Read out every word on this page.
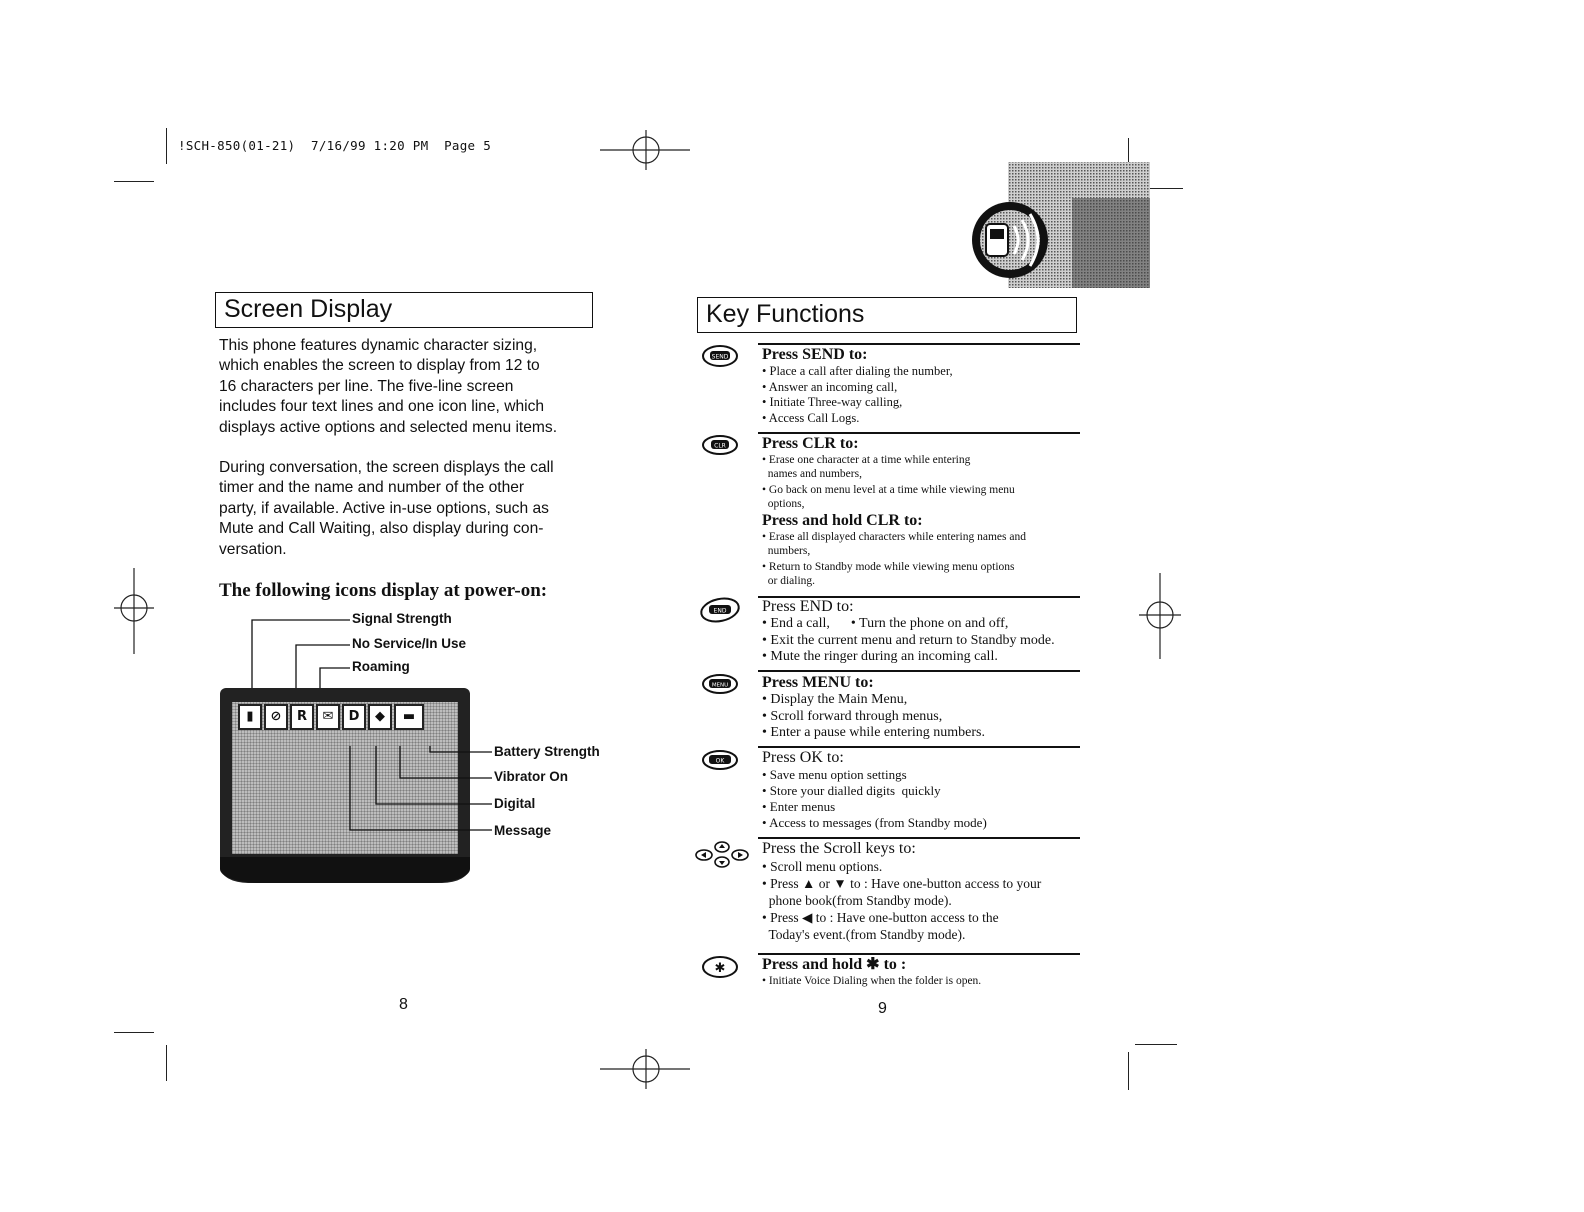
!SCH-850(01-21)  7/16/99 1:20 PM  Page 5
Screen Display
This phone features dynamic character sizing,
which enables the screen to display from 12 to
16 characters per line. The five-line screen
includes four text lines and one icon line, which
displays active options and selected menu items.
During conversation, the screen displays the call
timer and the name and number of the other
party, if available. Active in-use options, such as
Mute and Call Waiting, also display during con-
versation.
The following icons display at power-on:
Signal Strength
No Service/In Use
Roaming
▮	⊘	R	✉	D	◆	▬
Battery Strength
Vibrator On
Digital
Message
8
Key Functions
SEND Press SEND to:
• Place a call after dialing the number,
• Answer an incoming call,
• Initiate Three-way calling,
• Access Call Logs.
CLR Press CLR to:
• Erase one character at a time while entering
names and numbers,
• Go back on menu level at a time while viewing menu
options,
Press and hold CLR to:
• Erase all displayed characters while entering names and
numbers,
• Return to Standby mode while viewing menu options
or dialing.
END Press END to:
• End a call,      • Turn the phone on and off,
• Exit the current menu and return to Standby mode.
• Mute the ringer during an incoming call.
MENU Press MENU to:
• Display the Main Menu,
• Scroll forward through menus,
• Enter a pause while entering numbers.
OK Press OK to:
• Save menu option settings
• Store your dialled digits  quickly
• Enter menus
• Access to messages (from Standby mode)
Press the Scroll keys to:
• Scroll menu options.
• Press ▲ or ▼ to : Have one-button access to your
phone book(from Standby mode).
• Press ◀ to : Have one-button access to the
Today's event.(from Standby mode).
✱ Press and hold ✱ to :
• Initiate Voice Dialing when the folder is open.
9
